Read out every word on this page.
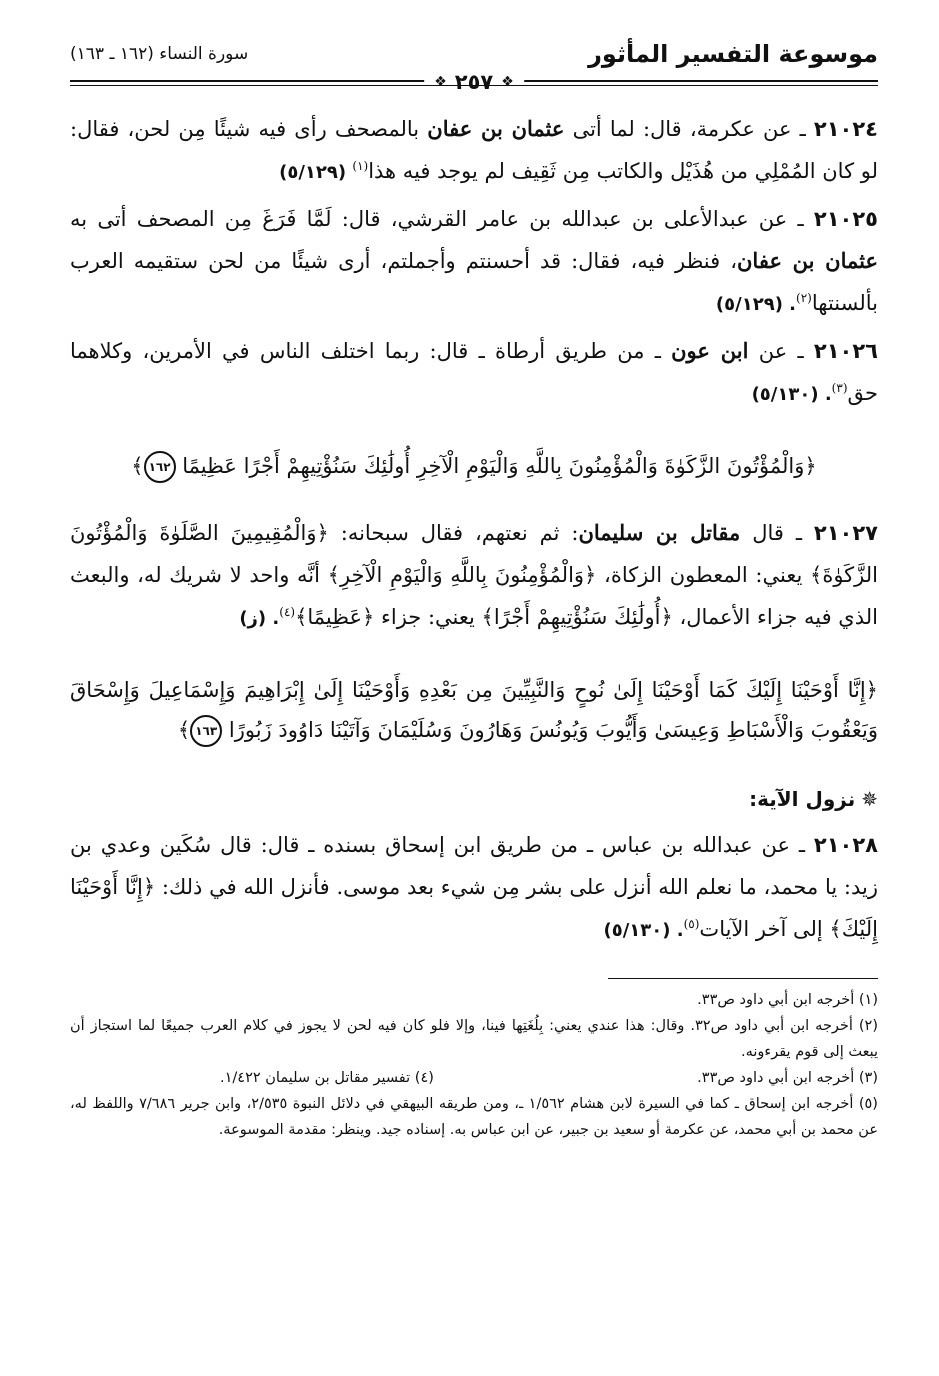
موسوعة التفسير المأثور
سورة النساء (١٦٢ ـ ١٦٣)
❖
٢٥٧
❖

٢١٠٢٤ ـ عن عكرمة، قال: لما أتى عثمان بن عفان بالمصحف رأى فيه شيئًا مِن لحن، فقال: لو كان المُمْلِي من هُذَيْل والكاتب مِن ثَقِيف لم يوجد فيه هذا$^{(١)}$ (٥/١٢٩)

٢١٠٢٥ ـ عن عبدالأعلى بن عبدالله بن عامر القرشي، قال: لَمَّا فَرَغَ مِن المصحف أتى به عثمان بن عفان، فنظر فيه، فقال: قد أحسنتم وأجملتم، أرى شيئًا من لحن ستقيمه العرب بألسنتها$^{(٢)}$. (٥/١٢٩)

٢١٠٢٦ ـ عن ابن عون ـ من طريق أرطاة ـ قال: ربما اختلف الناس في الأمرين، وكلاهما حق$^{(٣)}$. (٥/١٣٠)

﴿وَالْمُؤْتُونَ الزَّكَوٰةَ وَالْمُؤْمِنُونَ بِاللَّهِ وَالْيَوْمِ الْآخِرِ أُولَٰئِكَ سَنُؤْتِيهِمْ أَجْرًا عَظِيمًا ١٦٢﴾

٢١٠٢٧ ـ قال مقاتل بن سليمان: ثم نعتهم، فقال سبحانه: ﴿وَالْمُقِيمِينَ الصَّلَوٰةَ وَالْمُؤْتُونَ الزَّكَوٰةَ﴾ يعني: المعطون الزكاة، ﴿وَالْمُؤْمِنُونَ بِاللَّهِ وَالْيَوْمِ الْآخِرِ﴾ أنَّه واحد لا شريك له، والبعث الذي فيه جزاء الأعمال، ﴿أُولَٰئِكَ سَنُؤْتِيهِمْ أَجْرًا﴾ يعني: جزاء ﴿عَظِيمًا﴾$^{(٤)}$. (ز)

﴿إِنَّا أَوْحَيْنَا إِلَيْكَ كَمَا أَوْحَيْنَا إِلَىٰ نُوحٍ وَالنَّبِيِّينَ مِن بَعْدِهِ وَأَوْحَيْنَا إِلَىٰ إِبْرَاهِيمَ وَإِسْمَاعِيلَ وَإِسْحَاقَ وَيَعْقُوبَ وَالْأَسْبَاطِ وَعِيسَىٰ وَأَيُّوبَ وَيُونُسَ وَهَارُونَ وَسُلَيْمَانَ وَآتَيْنَا دَاوُودَ زَبُورًا ١٦٣﴾
✵نزول الآية:

٢١٠٢٨ ـ عن عبدالله بن عباس ـ من طريق ابن إسحاق بسنده ـ قال: قال سُكَين وعدي بن زيد: يا محمد، ما نعلم الله أنزل على بشر مِن شيء بعد موسى. فأنزل الله في ذلك: ﴿إِنَّا أَوْحَيْنَا إِلَيْكَ﴾ إلى آخر الآيات$^{(٥)}$. (٥/١٣٠)

(١) أخرجه ابن أبي داود ص٣٣.
(٢) أخرجه ابن أبي داود ص٣٢. وقال: هذا عندي يعني: بِلُغَتِها فينا، وإلا فلو كان فيه لحن لا يجوز في كلام العرب جميعًا لما استجاز أن يبعث إلى قوم يقرءونه.
(٣) أخرجه ابن أبي داود ص٣٣.
(٤) تفسير مقاتل بن سليمان ١/٤٢٢.
(٥) أخرجه ابن إسحاق ـ كما في السيرة لابن هشام ١/٥٦٢ ـ، ومن طريقه البيهقي في دلائل النبوة ٢/٥٣٥، وابن جرير ٧/٦٨٦ واللفظ له، عن محمد بن أبي محمد، عن عكرمة أو سعيد بن جبير، عن ابن عباس به. إسناده جيد. وينظر: مقدمة الموسوعة.
